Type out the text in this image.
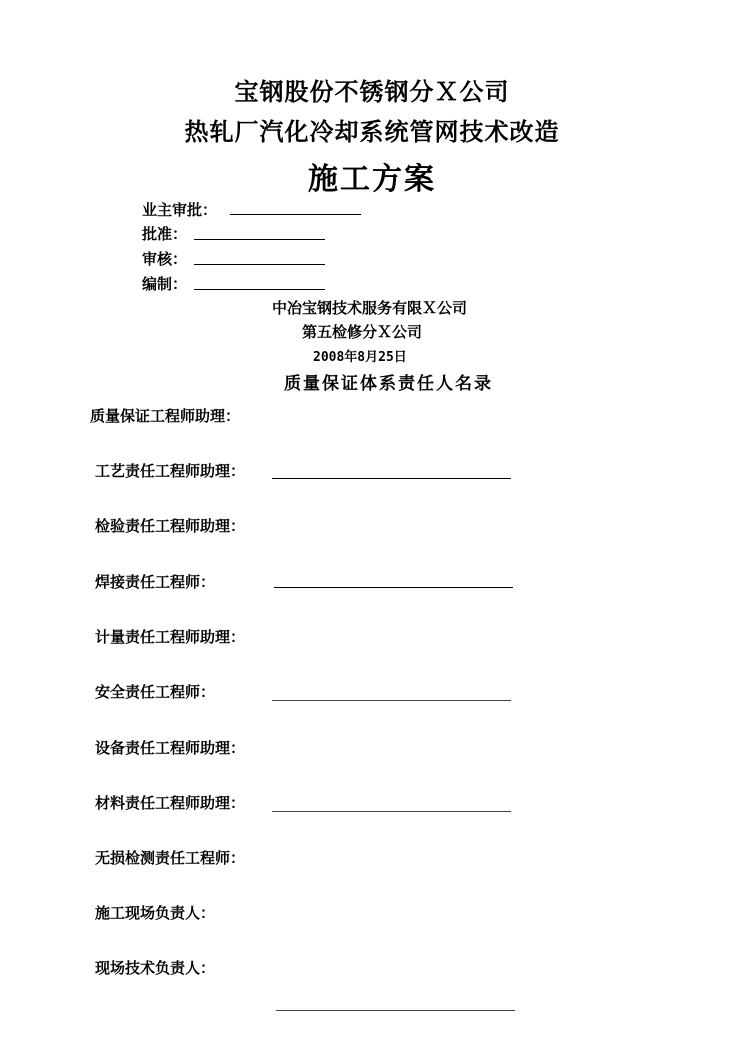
宝钢股份不锈钢分Ｘ公司
热轧厂汽化冷却系统管网技术改造
施工方案
业主审批：
批准：
审核：
编制：
中冶宝钢技术服务有限Ｘ公司
第五检修分Ｘ公司
2008年8月25日
质量保证体系责任人名录
质量保证工程师助理：
工艺责任工程师助理：
检验责任工程师助理：
焊接责任工程师：
计量责任工程师助理：
安全责任工程师：
设备责任工程师助理：
材料责任工程师助理：
无损检测责任工程师：
施工现场负责人：
现场技术负责人：
